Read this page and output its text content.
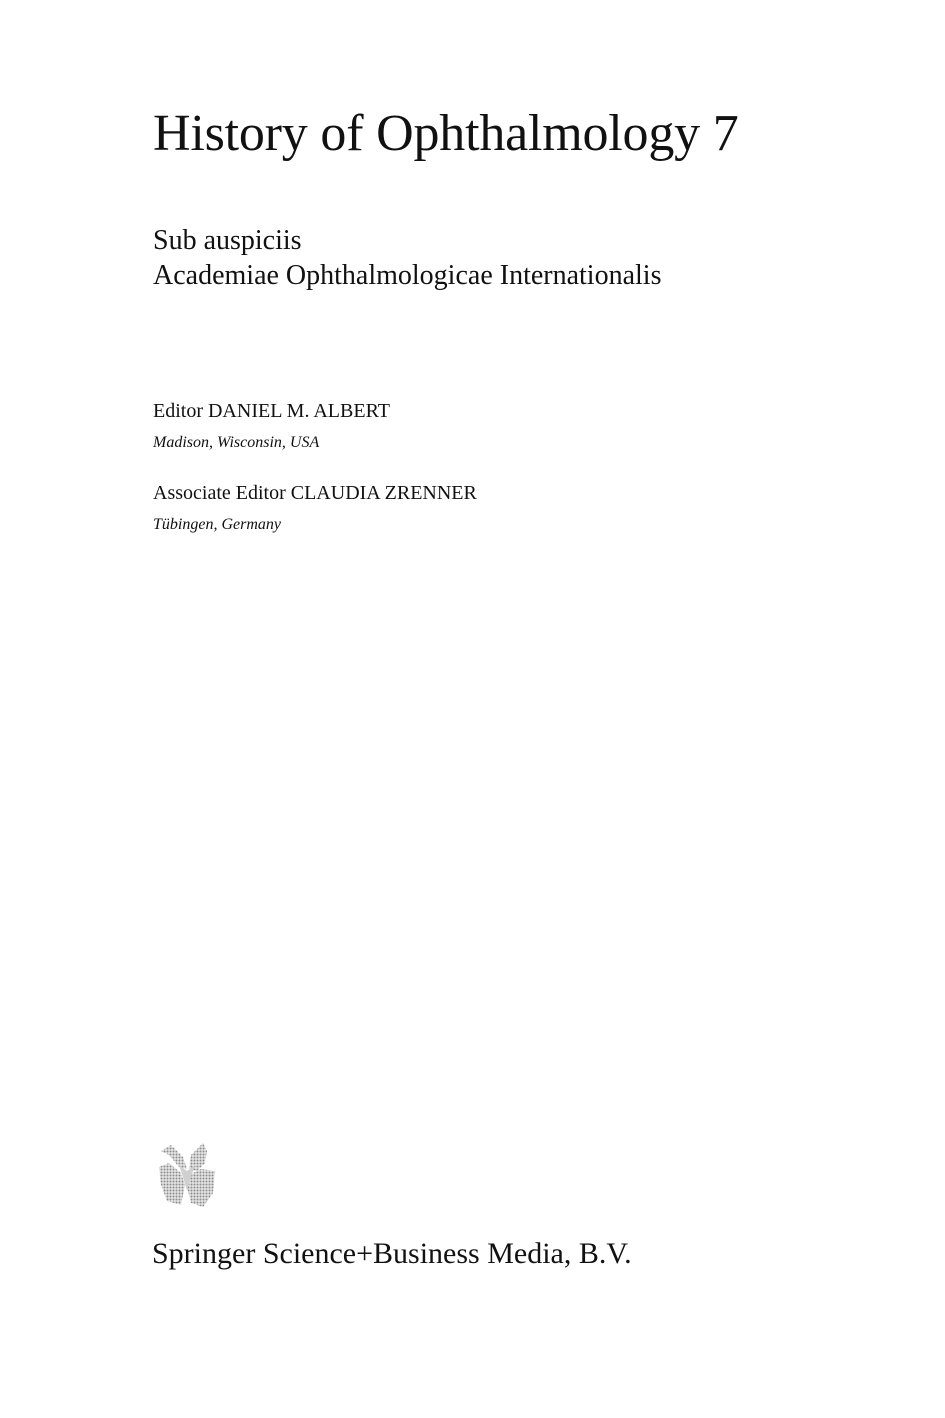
History of Ophthalmology 7
Sub auspiciis
Academiae Ophthalmologicae Internationalis
Editor DANIEL M. ALBERT
Madison, Wisconsin, USA
Associate Editor CLAUDIA ZRENNER
Tübingen, Germany
Springer Science+Business Media, B.V.
